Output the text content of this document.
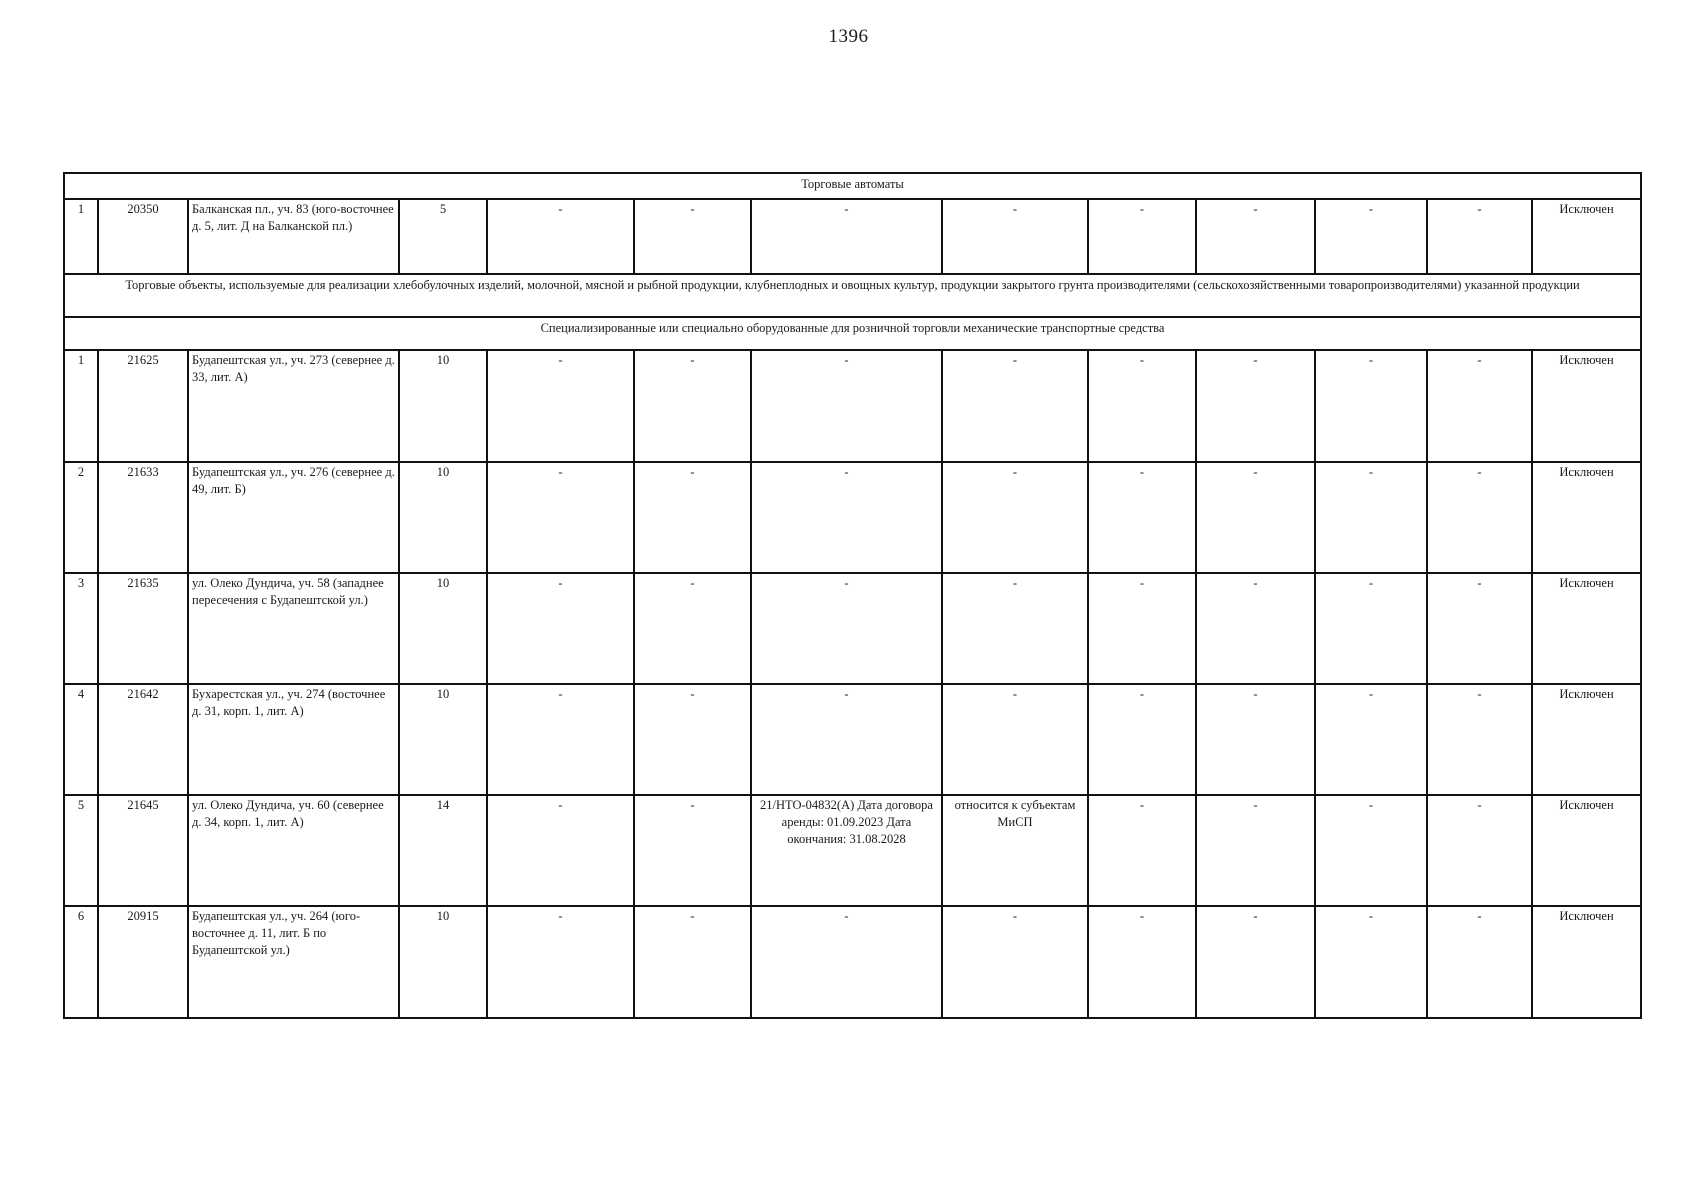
1396
Торговые автоматы												
1	20350	Балканская пл., уч. 83 (юго-восточнее д. 5, лит. Д на Балканской пл.)	5	-	-	-	-	-	-	-	-	Исключен
Торговые объекты, используемые для реализации хлебобулочных изделий, молочной, мясной и рыбной продукции, клубнеплодных и овощных культур, продукции закрытого грунта производителями (сельскохозяйственными товаропроизводителями) указанной продукции												
Специализированные или специально оборудованные для розничной торговли механические транспортные средства												
1	21625	Будапештская ул., уч. 273 (севернее д. 33, лит. А)	10	-	-	-	-	-	-	-	-	Исключен
2	21633	Будапештская ул., уч. 276 (севернее д. 49, лит. Б)	10	-	-	-	-	-	-	-	-	Исключен
3	21635	ул. Олеко Дундича, уч. 58 (западнее пересечения с Будапештской ул.)	10	-	-	-	-	-	-	-	-	Исключен
4	21642	Бухарестская ул., уч. 274 (восточнее д. 31, корп. 1, лит. А)	10	-	-	-	-	-	-	-	-	Исключен
5	21645	ул. Олеко Дундича, уч. 60 (севернее д. 34, корп. 1, лит. А)	14	-	-	21/НТО-04832(А) Дата договора аренды: 01.09.2023 Дата окончания: 31.08.2028	относится к субъектам МиСП	-	-	-	-	Исключен
6	20915	Будапештская ул., уч. 264 (юго-восточнее д. 11, лит. Б по Будапештской ул.)	10	-	-	-	-	-	-	-	-	Исключен
